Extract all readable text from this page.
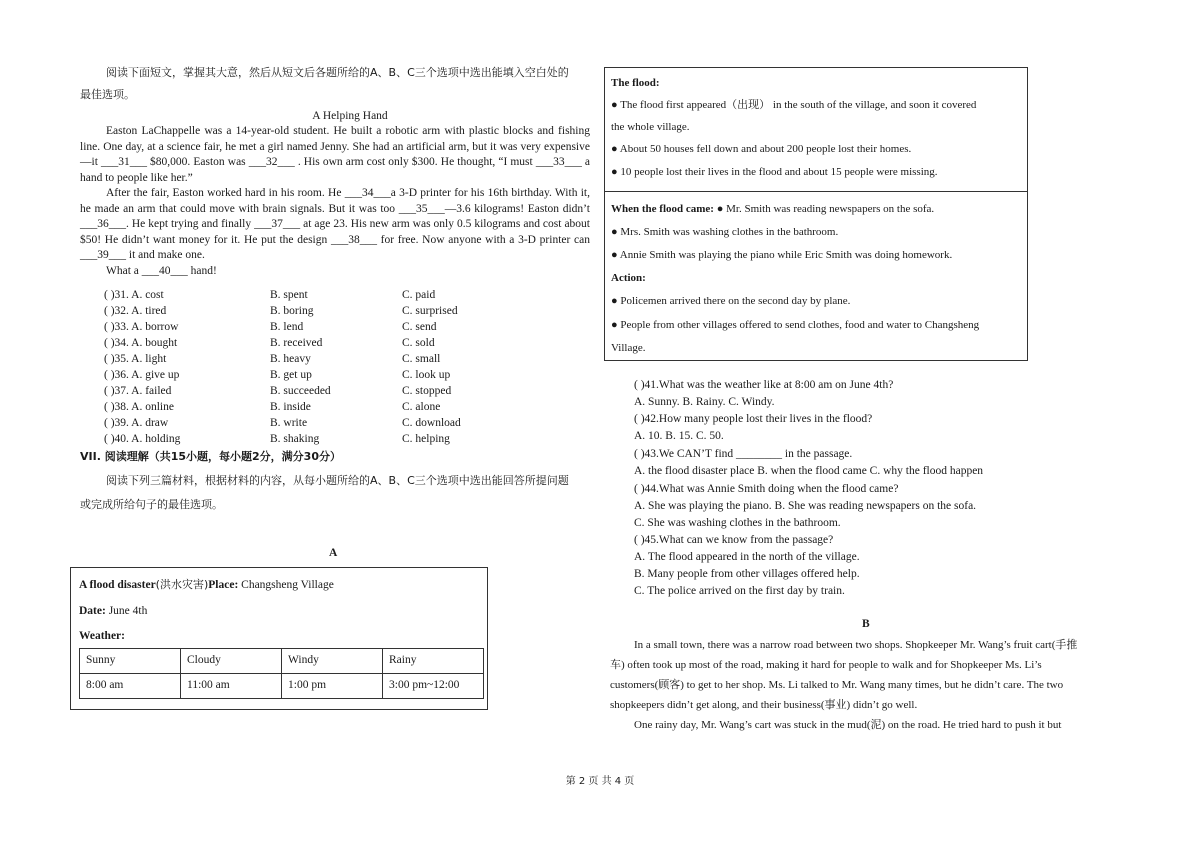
阅读下面短文，掌握其大意，然后从短文后各题所给的A、B、C三个选项中选出能填入空白处的
最佳选项。
A Helping Hand

Easton LaChappelle was a 14-year-old student. He built a robotic arm with plastic blocks and fishing line. One day, at a science fair, he met a girl named Jenny. She had an artificial arm, but it was very expensive—it ___31___ $80,000. Easton was ___32___ . His own arm cost only $300. He thought, “I must ___33___ a hand to people like her.”

After the fair, Easton worked hard in his room. He ___34___a 3-D printer for his 16th birthday. With it, he made an arm that could move with brain signals. But it was too ___35___—3.6 kilograms! Easton didn’t ___36___. He kept trying and finally ___37___ at age 23. His new arm was only 0.5 kilograms and cost about $50! He didn’t want money for it. He put the design ___38___ for free. Now anyone with a 3-D printer can ___39___ it and make one.

What a ___40___ hand!

( )31. A. cost	B. spent	C. paid
( )32. A. tired	B. boring	C. surprised
( )33. A. borrow	B. lend	C. send
( )34. A. bought	B. received	C. sold
( )35. A. light	B. heavy	C. small
( )36. A. give up	B. get up	C. look up
( )37. A. failed	B. succeeded	C. stopped
( )38. A. online	B. inside	C. alone
( )39. A. draw	B. write	C. download
( )40. A. holding	B. shaking	C. helping
VII. 阅读理解（共15小题，每小题2分，满分30分）
阅读下列三篇材料，根据材料的内容，从每小题所给的A、B、C三个选项中选出能回答所提问题
或完成所给句子的最佳选项。
A
A flood disaster(洪水灾害)Place: Changsheng Village
Date: June 4th
Weather:
Sunny	Cloudy	Windy	Rainy
8:00 am	11:00 am	1:00 pm	3:00 pm~12:00
The flood:
● The flood first appeared（出现） in the south of the village, and soon it covered
the whole village.
● About 50 houses fell down and about 200 people lost their homes.
● 10 people lost their lives in the flood and about 15 people were missing.
When the flood came: ● Mr. Smith was reading newspapers on the sofa.
● Mrs. Smith was washing clothes in the bathroom.
● Annie Smith was playing the piano while Eric Smith was doing homework.
Action:
● Policemen arrived there on the second day by plane.
● People from other villages offered to send clothes, food and water to Changsheng
Village.
( )41.What was the weather like at 8:00 am on June 4th?
A. Sunny. B. Rainy. C. Windy.
( )42.How many people lost their lives in the flood?
A. 10. B. 15. C. 50.
( )43.We CAN’T find ________ in the passage.
A. the flood disaster place B. when the flood came C. why the flood happen
( )44.What was Annie Smith doing when the flood came?
A. She was playing the piano. B. She was reading newspapers on the sofa.
C. She was washing clothes in the bathroom.
( )45.What can we know from the passage?
A. The flood appeared in the north of the village.
B. Many people from other villages offered help.
C. The police arrived on the first day by train.
B
In a small town, there was a narrow road between two shops. Shopkeeper Mr. Wang’s fruit cart(手推
车) often took up most of the road, making it hard for people to walk and for Shopkeeper Ms. Li’s
customers(顾客) to get to her shop. Ms. Li talked to Mr. Wang many times, but he didn’t care. The two
shopkeepers didn’t get along, and their business(事业) didn’t go well.
One rainy day, Mr. Wang’s cart was stuck in the mud(泥) on the road. He tried hard to push it but
第 2 页 共 4 页
